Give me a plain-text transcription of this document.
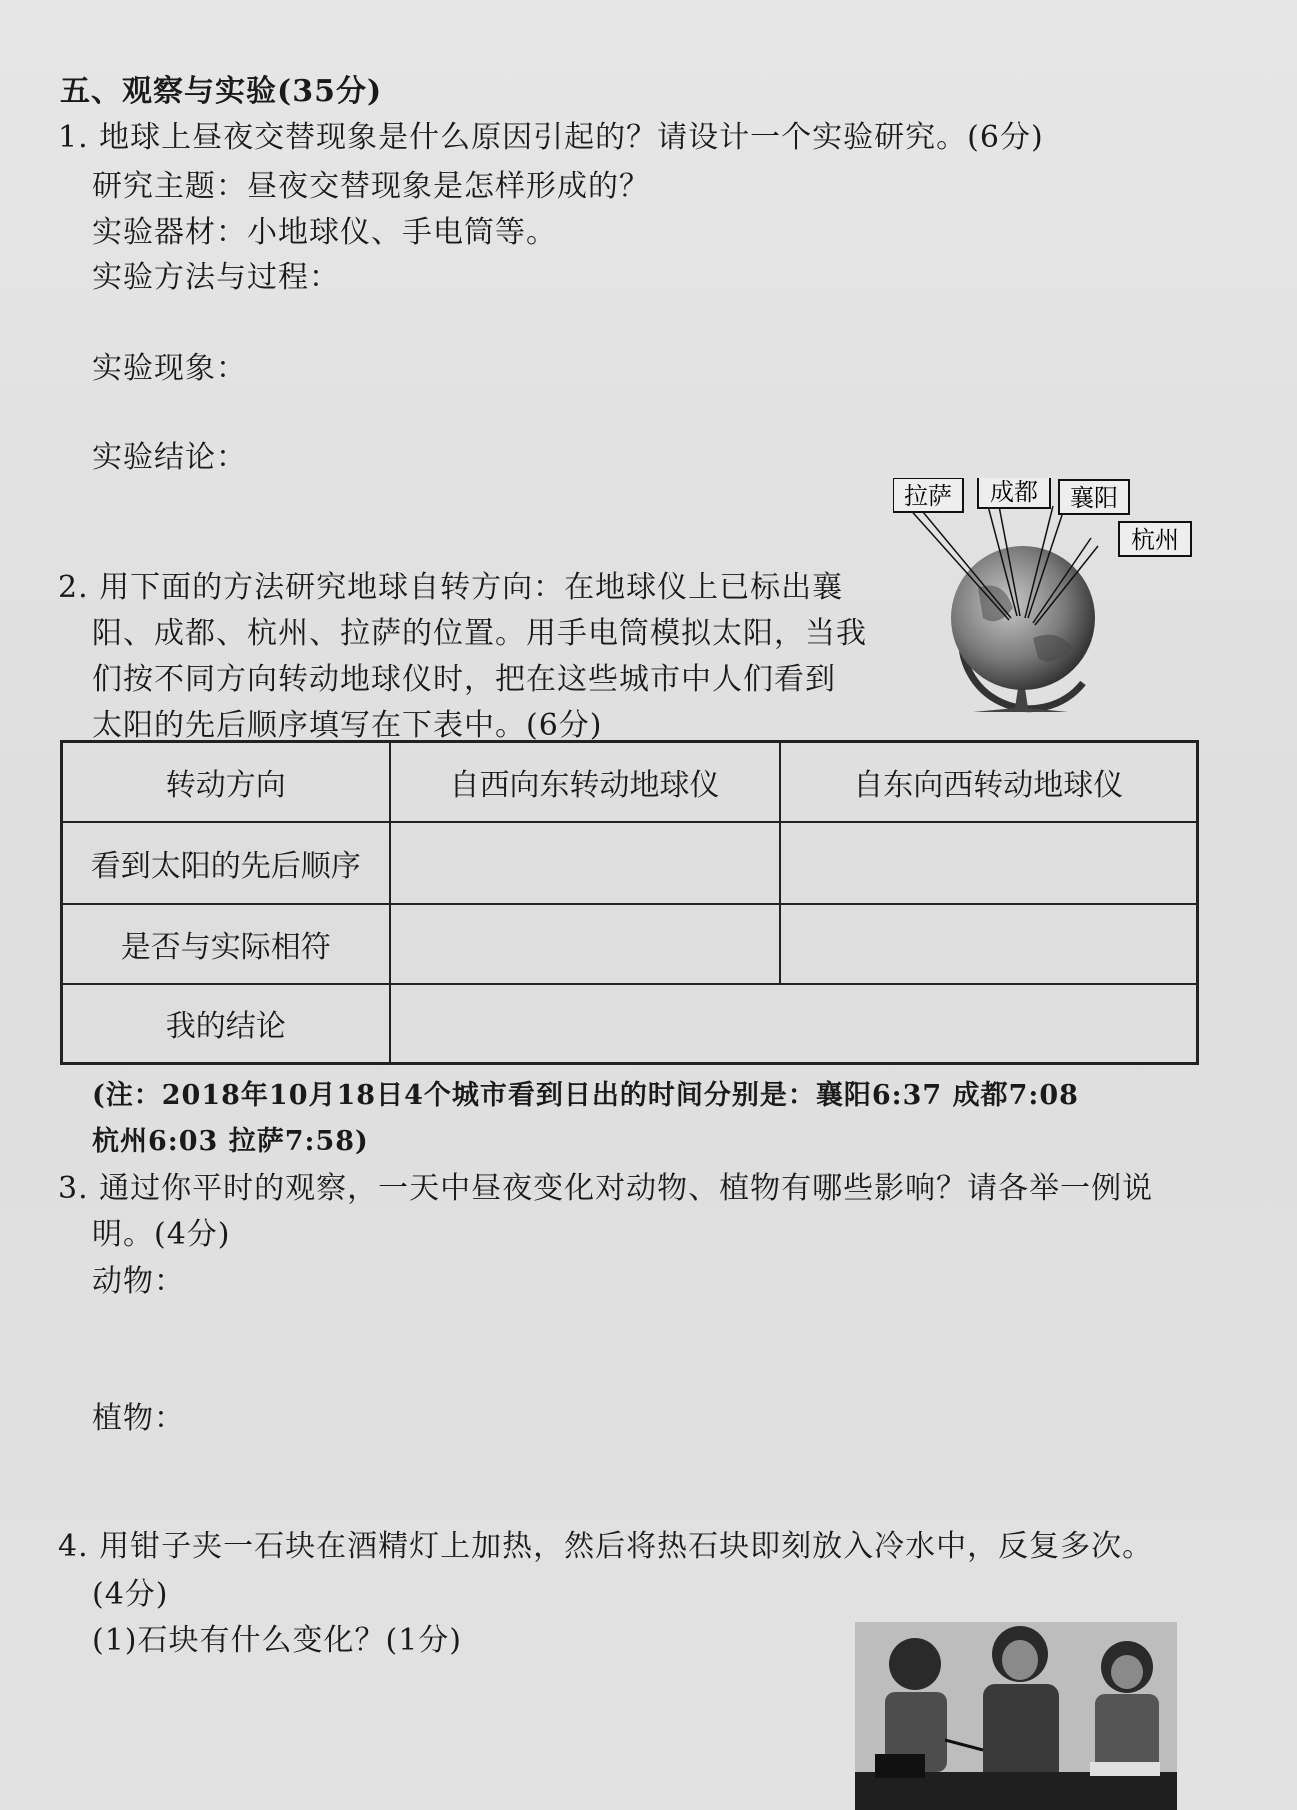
五、观察与实验(35分)
1. 地球上昼夜交替现象是什么原因引起的？请设计一个实验研究。(6分)
研究主题：昼夜交替现象是怎样形成的？
实验器材：小地球仪、手电筒等。
实验方法与过程：
实验现象：
实验结论：
拉萨 成都 襄阳
杭州
2. 用下面的方法研究地球自转方向：在地球仪上已标出襄
阳、成都、杭州、拉萨的位置。用手电筒模拟太阳，当我
们按不同方向转动地球仪时，把在这些城市中人们看到
太阳的先后顺序填写在下表中。(6分)
转动方向	自西向东转动地球仪	自东向西转动地球仪
看到太阳的先后顺序		
是否与实际相符		
我的结论		
(注：2018年10月18日4个城市看到日出的时间分别是：襄阳6:37 成都7:08
杭州6:03 拉萨7:58)
3. 通过你平时的观察，一天中昼夜变化对动物、植物有哪些影响？请各举一例说
明。(4分)
动物：
植物：
4. 用钳子夹一石块在酒精灯上加热，然后将热石块即刻放入冷水中，反复多次。
(4分)
(1)石块有什么变化？(1分)
